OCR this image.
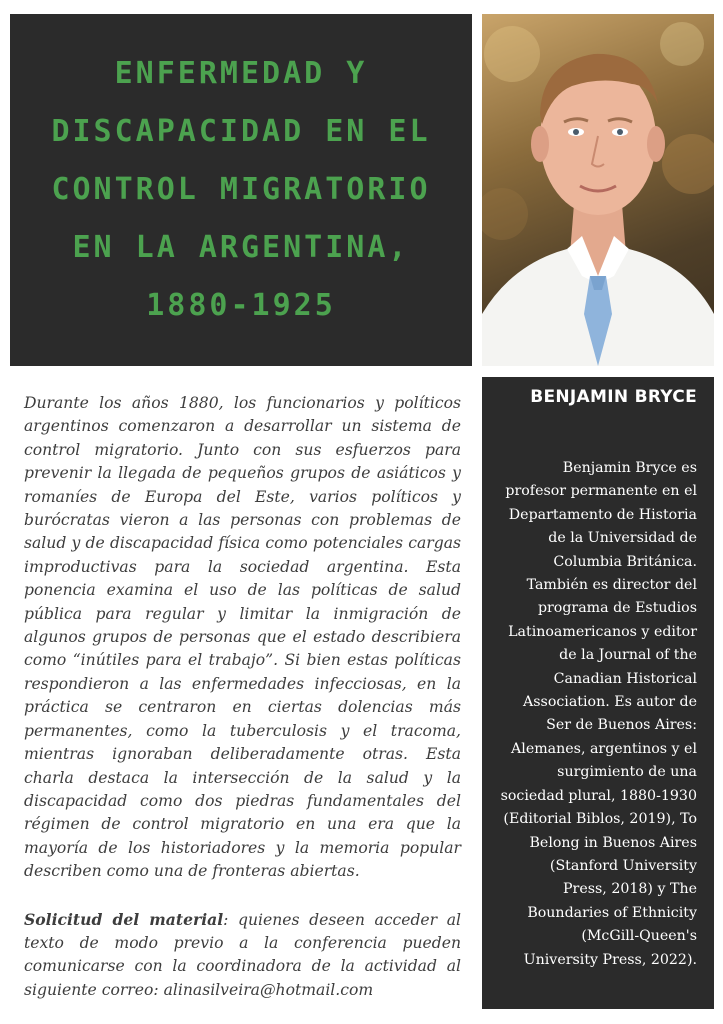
ENFERMEDAD Y
DISCAPACIDAD EN EL
CONTROL MIGRATORIO
EN LA ARGENTINA,
1880-1925

Durante los años 1880, los funcionarios y políticos argentinos comenzaron a desarrollar un sistema de control migratorio. Junto con sus esfuerzos para prevenir la llegada de pequeños grupos de asiáticos y romaníes de Europa del Este, varios políticos y burócratas vieron a las personas con problemas de salud y de discapacidad física como potenciales cargas improductivas para la sociedad argentina. Esta ponencia examina el uso de las políticas de salud pública para regular y limitar la inmigración de algunos grupos de personas que el estado describiera como “inútiles para el trabajo”. Si bien estas políticas respondieron a las enfermedades infecciosas, en la práctica se centraron en ciertas dolencias más permanentes, como la tuberculosis y el tracoma, mientras ignoraban deliberadamente otras. Esta charla destaca la intersección de la salud y la discapacidad como dos piedras fundamentales del régimen de control migratorio en una era que la mayoría de los historiadores y la memoria popular describen como una de fronteras abiertas.

Solicitud del material: quienes deseen acceder al texto de modo previo a la conferencia pueden comunicarse con la coordinadora de la actividad al siguiente correo: alinasilveira@hotmail.com

BENJAMIN BRYCE
Benjamin Bryce es
profesor permanente en el
Departamento de Historia
de la Universidad de
Columbia Británica.
También es director del
programa de Estudios
Latinoamericanos y editor
de la Journal of the
Canadian Historical
Association. Es autor de
Ser de Buenos Aires:
Alemanes, argentinos y el
surgimiento de una
sociedad plural, 1880-1930
(Editorial Biblos, 2019), To
Belong in Buenos Aires
(Stanford University
Press, 2018) y The
Boundaries of Ethnicity
(McGill-Queen's
University Press, 2022).
